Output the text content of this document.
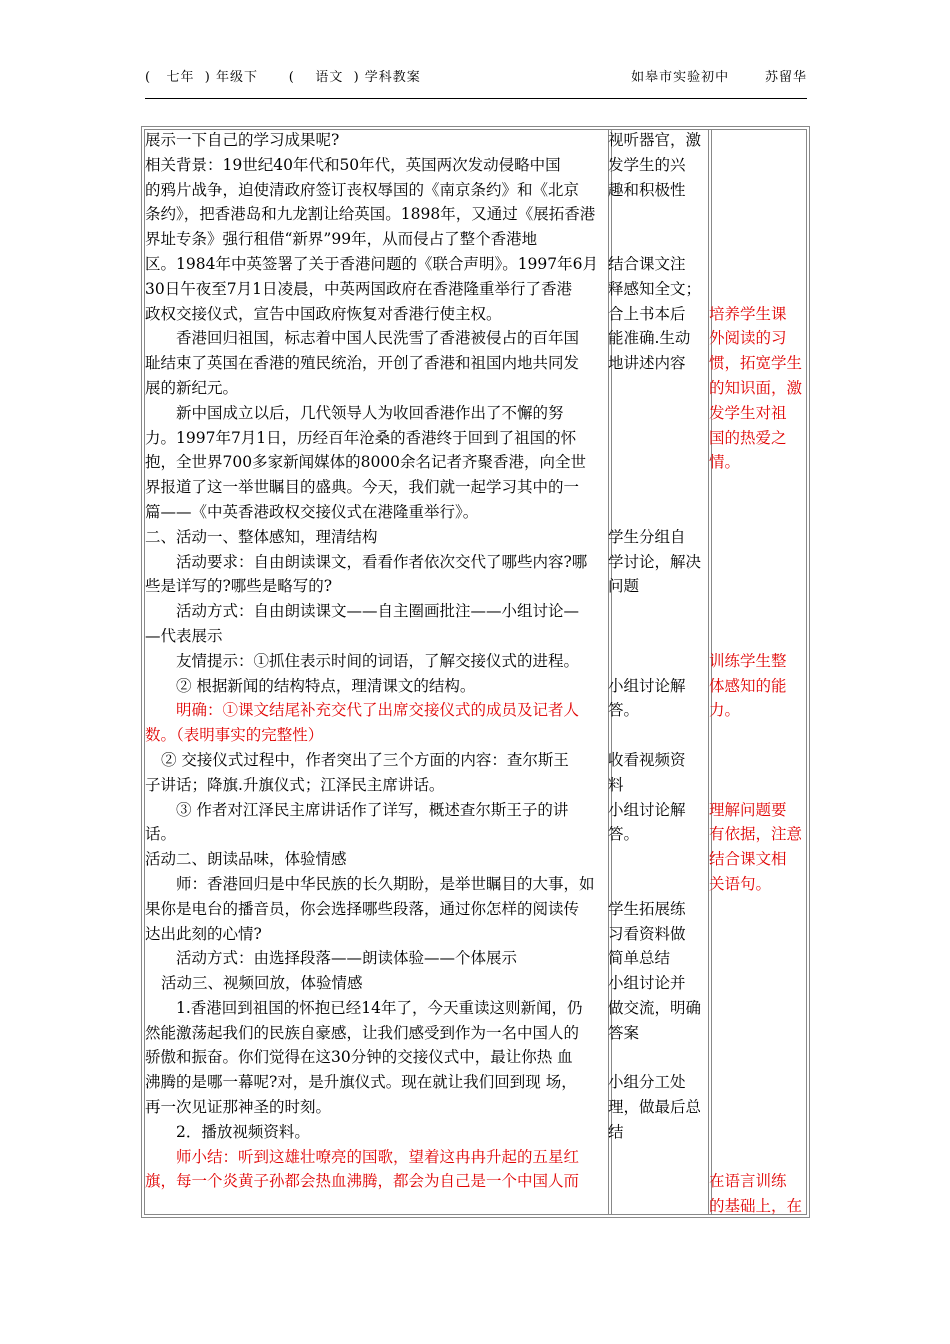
(   七年  ) 年级下      (    语文  ) 学科教案	如皋市实验初中       苏留华
展示一下自己的学习成果呢?
相关背景：19世纪40年代和50年代，英国两次发动侵略中国
的鸦片战争，迫使清政府签订丧权辱国的《南京条约》和《北京
条约》，把香港岛和九龙割让给英国。1898年，又通过《展拓香港
界址专条》强行租借“新界”99年，从而侵占了整个香港地
区。1984年中英签署了关于香港问题的《联合声明》。1997年6月
30日午夜至7月1日凌晨，中英两国政府在香港隆重举行了香港
政权交接仪式，宣告中国政府恢复对香港行使主权。
香港回归祖国，标志着中国人民洗雪了香港被侵占的百年国
耻结束了英国在香港的殖民统治，开创了香港和祖国内地共同发
展的新纪元。
新中国成立以后，几代领导人为收回香港作出了不懈的努
力。1997年7月1日，历经百年沧桑的香港终于回到了祖国的怀
抱，全世界700多家新闻媒体的8000余名记者齐聚香港，向全世
界报道了这一举世瞩目的盛典。今天，我们就一起学习其中的一
篇——《中英香港政权交接仪式在港隆重举行》。
二、活动一、整体感知，理清结构
活动要求：自由朗读课文，看看作者依次交代了哪些内容?哪
些是详写的?哪些是略写的?
活动方式：自由朗读课文——自主圈画批注——小组讨论—
—代表展示
友情提示：①抓住表示时间的词语，了解交接仪式的进程。
② 根据新闻的结构特点，理清课文的结构。
明确：①课文结尾补充交代了出席交接仪式的成员及记者人
数。（表明事实的完整性）
② 交接仪式过程中，作者突出了三个方面的内容：查尔斯王
子讲话；降旗.升旗仪式；江泽民主席讲话。
③ 作者对江泽民主席讲话作了详写，概述查尔斯王子的讲
话。
活动二、朗读品味，体验情感
师：香港回归是中华民族的长久期盼，是举世瞩目的大事，如
果你是电台的播音员，你会选择哪些段落，通过你怎样的阅读传
达出此刻的心情?
活动方式：由选择段落——朗读体验——个体展示
活动三、视频回放，体验情感
1.香港回到祖国的怀抱已经14年了，今天重读这则新闻，仍
然能激荡起我们的民族自豪感，让我们感受到作为一名中国人的
骄傲和振奋。你们觉得在这30分钟的交接仪式中，最让你热 血
沸腾的是哪一幕呢?对，是升旗仪式。现在就让我们回到现 场，
再一次见证那神圣的时刻。
2．播放视频资料。
师小结：听到这雄壮嘹亮的国歌，望着这冉冉升起的五星红
旗，每一个炎黄子孙都会热血沸腾，都会为自己是一个中国人而
视听器官，激
发学生的兴
趣和积极性
结合课文注
释感知全文；
合上书本后
能准确.生动
地讲述内容
学生分组自
学讨论，解决
问题
小组讨论解
答。
收看视频资
料
小组讨论解
答。
学生拓展练
习看资料做
简单总结
小组讨论并
做交流，明确
答案
小组分工处
理，做最后总
结
培养学生课
外阅读的习
惯，拓宽学生
的知识面，激
发学生对祖
国的热爱之
情。
训练学生整
体感知的能
力。
理解问题要
有依据，注意
结合课文相
关语句。
在语言训练
的基础上，在
